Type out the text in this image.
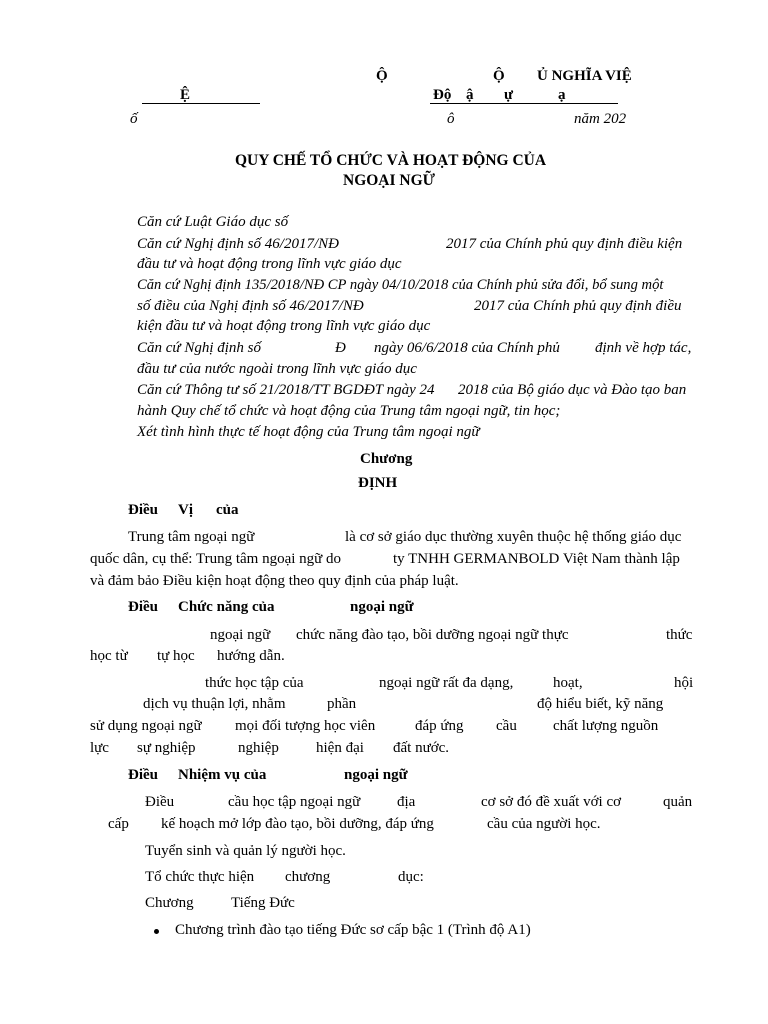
Ộ	Ộ Ủ NGHĨA VIỆ
Ệ	Độ ậ ự	ạ
ố	ô	năm 202
QUY CHẾ TỔ CHỨC VÀ HOẠT ĐỘNG CỦA
NGOẠI NGỮ
Căn cứ Luật Giáo dục số
Căn cứ Nghị định số 46/2017/NĐ	2017 của Chính phủ quy định điều kiện
đầu tư và hoạt động trong lĩnh vực giáo dục
Căn cứ Nghị định 135/2018/NĐ CP ngày 04/10/2018 của Chính phủ sửa đổi, bổ sung một
số điều của Nghị định số 46/2017/NĐ	2017 của Chính phủ quy định điều
kiện đầu tư và hoạt động trong lĩnh vực giáo dục
Căn cứ Nghị định số	Đ ngày 06/6/2018 của Chính phủ định về hợp tác,
đầu tư của nước ngoài trong lĩnh vực giáo dục
Căn cứ Thông tư số 21/2018/TT BGDĐT ngày 24 2018 của Bộ giáo dục và Đào tạo ban
hành Quy chế tổ chức và hoạt động của Trung tâm ngoại ngữ, tin học;
Xét tình hình thực tế hoạt động của Trung tâm ngoại ngữ
Chương
ĐỊNH
Điều Vị của
Trung tâm ngoại ngữ	là cơ sở giáo dục thường xuyên thuộc hệ thống giáo dục
quốc dân, cụ thể: Trung tâm ngoại ngữ do	ty TNHH GERMANBOLD Việt Nam thành lập
và đảm bảo Điều kiện hoạt động theo quy định của pháp luật.
Điều Chức năng của	ngoại ngữ
ngoại ngữ chức năng đào tạo, bồi dưỡng ngoại ngữ thực	thức
học từ tự học hướng dẫn.
thức học tập của	ngoại ngữ rất đa dạng,	hoạt,	hội
dịch vụ thuận lợi, nhằm	phần	độ hiểu biết, kỹ năng
sử dụng ngoại ngữ mọi đối tượng học viên	đáp ứng cầu chất lượng nguồn
lực sự nghiệp	nghiệp hiện đại đất nước.
Điều Nhiệm vụ của	ngoại ngữ
Điều	cầu học tập ngoại ngữ địa	cơ sở đó đề xuất với cơ	quản
cấp kế hoạch mở lớp đào tạo, bồi dưỡng, đáp ứng	cầu của người học.
Tuyển sinh và quản lý người học.
Tổ chức thực hiện chương	dục:
Chương Tiếng Đức
Chương trình đào tạo tiếng Đức sơ cấp bậc 1 (Trình độ A1)
